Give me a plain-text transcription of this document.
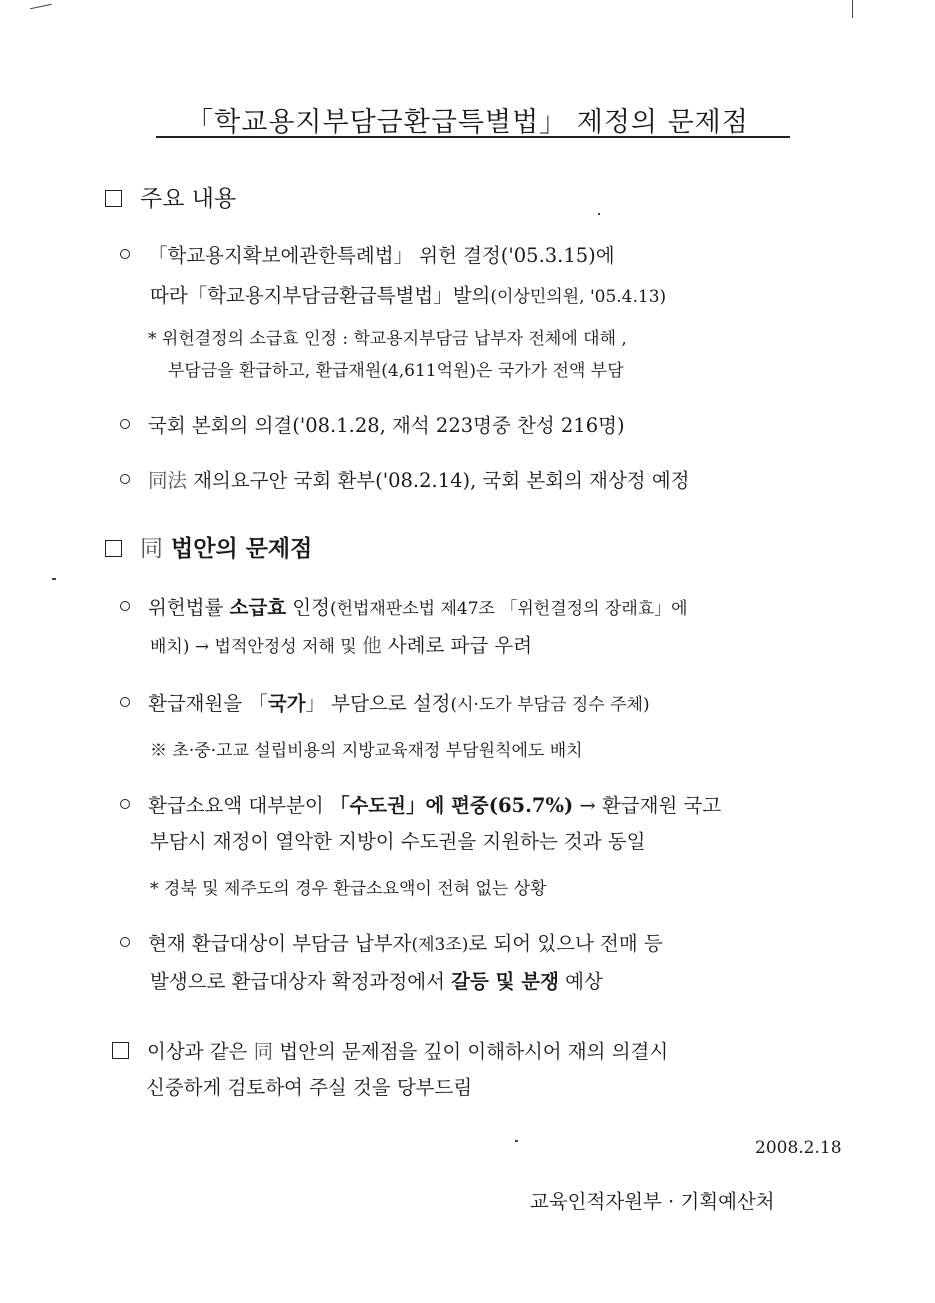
「학교용지부담금환급특별법」 제정의 문제점
주요 내용
「학교용지확보에관한특례법」 위헌 결정('05.3.15)에
따라「학교용지부담금환급특별법」발의(이상민의원, '05.4.13)
* 위헌결정의 소급효 인정 : 학교용지부담금 납부자 전체에 대해 ,
부담금을 환급하고, 환급재원(4,611억원)은 국가가 전액 부담
국회 본회의 의결('08.1.28, 재석 223명중 찬성 216명)
同法 재의요구안 국회 환부('08.2.14), 국회 본회의 재상정 예정
同 법안의 문제점
위헌법률 소급효 인정(헌법재판소법 제47조 「위헌결정의 장래효」에
배치) → 법적안정성 저해 및 他 사례로 파급 우려
환급재원을 「국가」 부담으로 설정(시·도가 부담금 징수 주체)
※ 초·중·고교 설립비용의 지방교육재정 부담원칙에도 배치
환급소요액 대부분이 「수도권」에 편중(65.7%) → 환급재원 국고
부담시 재정이 열악한 지방이 수도권을 지원하는 것과 동일
* 경북 및 제주도의 경우 환급소요액이 전혀 없는 상황
현재 환급대상이 부담금 납부자(제3조)로 되어 있으나 전매 등
발생으로 환급대상자 확정과정에서 갈등 및 분쟁 예상
이상과 같은 同 법안의 문제점을 깊이 이해하시어 재의 의결시
신중하게 검토하여 주실 것을 당부드림
2008.2.18
교육인적자원부 · 기획예산처
